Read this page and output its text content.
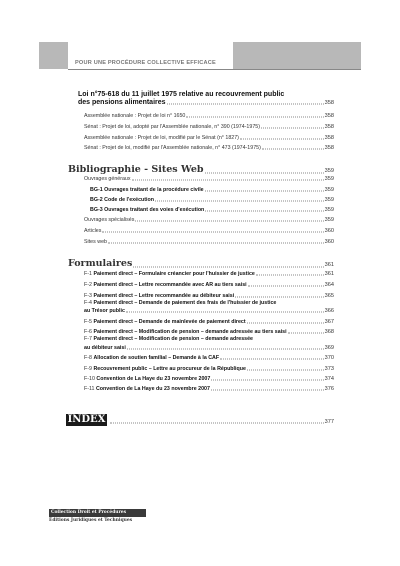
POUR UNE PROCÉDURE COLLECTIVE EFFICACE
Loi n°75-618 du 11 juillet 1975 relative au recouvrement public
des pensions alimentaires	358
Assemblée nationale : Projet de loi n° 1650	358
Sénat : Projet de loi, adopté par l'Assemblée nationale, n° 390 (1974-1975)	358
Assemblée nationale : Projet de loi, modifié par le Sénat (n° 1827)	358
Sénat : Projet de loi, modifié par l'Assemblée nationale, n° 473 (1974-1975)	358
Bibliographie - Sites Web	359
Ouvrages généraux	359
BG-1 Ouvrages traitant de la procédure civile	359
BG-2 Code de l'exécution	359
BG-3 Ouvrages traitant des voies d'exécution	359
Ouvrages spécialisés	359
Articles	360
Sites web	360
Formulaires	361
F-1 Paiement direct – Formulaire créancier pour l'huissier de justice	361
F-2 Paiement direct – Lettre recommandée avec AR au tiers saisi	364
F-3 Paiement direct – Lettre recommandée au débiteur saisi	365
F-4 Paiement direct – Demande de paiement des frais de l'huissier de justice
au Trésor public	366
F-5 Paiement direct – Demande de mainlevée de paiement direct	367
F-6 Paiement direct – Modification de pension – demande adressée au tiers saisi	368
F-7 Paiement direct – Modification de pension – demande adressée
au débiteur saisi	369
F-8 Allocation de soutien familial – Demande à la CAF	370
F-9 Recouvrement public – Lettre au procureur de la République	373
F-10 Convention de La Haye du 23 novembre 2007	374
F-11 Convention de La Haye du 23 novembre 2007	376
INDEX	377
Collection Droit et Procédures
Éditions Juridiques et Techniques
